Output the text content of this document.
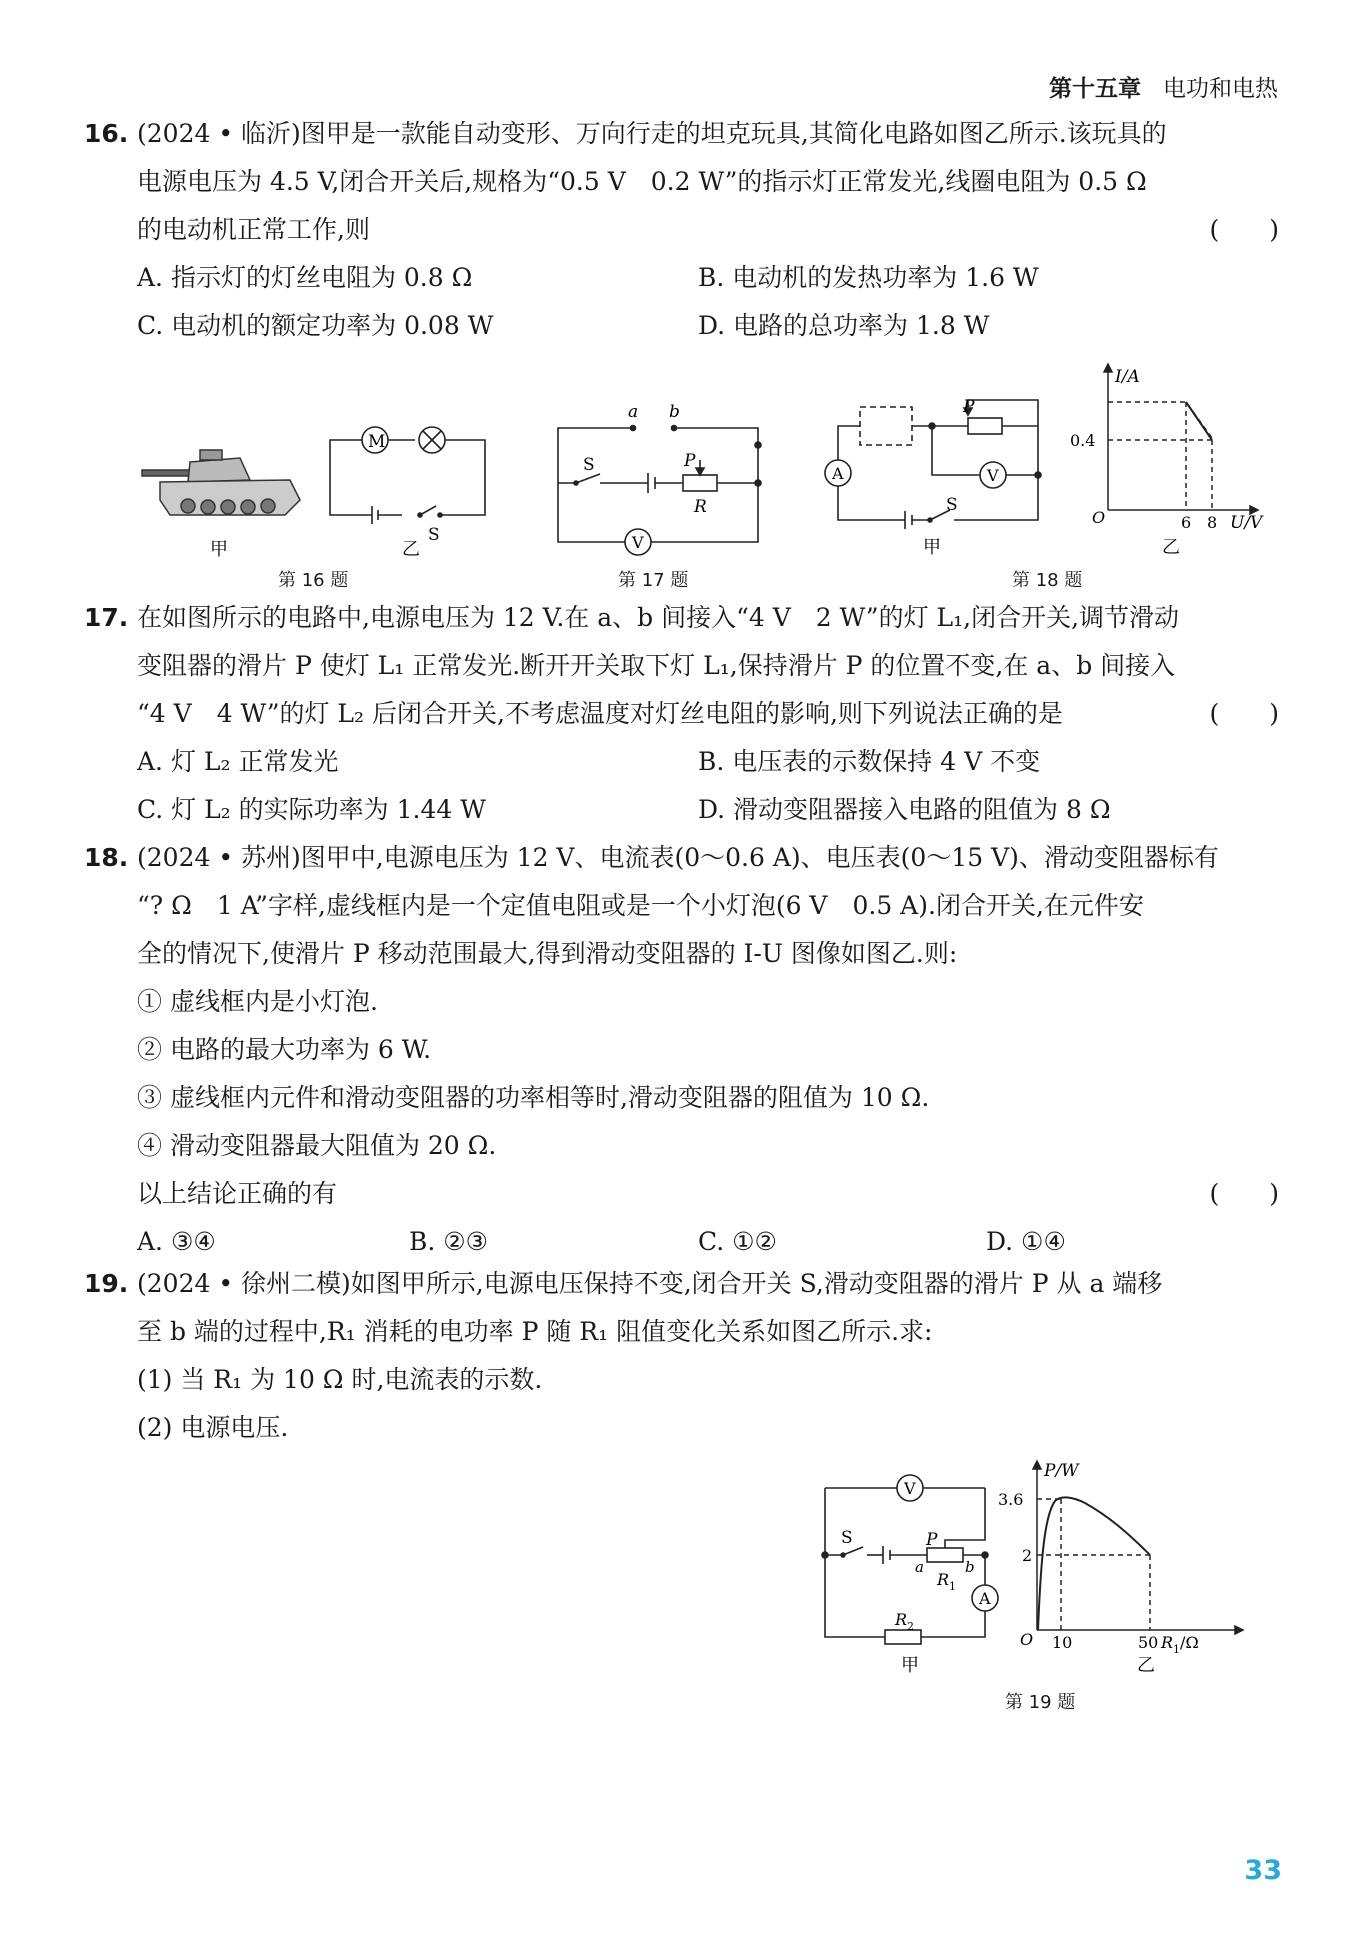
第十五章 电功和电热
16. (2024 • 临沂)图甲是一款能自动变形、万向行走的坦克玩具,其简化电路如图乙所示.该玩具的
电源电压为 4.5 V,闭合开关后,规格为“0.5 V　0.2 W”的指示灯正常发光,线圈电阻为 0.5 Ω
的电动机正常工作,则	(　　)
A. 指示灯的灯丝电阻为 0.8 Ω	B. 电动机的发热功率为 1.6 W
C. 电动机的额定功率为 0.08 W	D. 电路的总功率为 1.8 W
甲
M
S
乙
第 16 题
a b
S	P
R
V
第 17 题
P
S
A	V
甲
I/A
0.4
O	6 8 U/V
乙
第 18 题
17. 在如图所示的电路中,电源电压为 12 V.在 a、b 间接入“4 V　2 W”的灯 L₁,闭合开关,调节滑动
变阻器的滑片 P 使灯 L₁ 正常发光.断开开关取下灯 L₁,保持滑片 P 的位置不变,在 a、b 间接入
“4 V　4 W”的灯 L₂ 后闭合开关,不考虑温度对灯丝电阻的影响,则下列说法正确的是	(　　)
A. 灯 L₂ 正常发光	B. 电压表的示数保持 4 V 不变
C. 灯 L₂ 的实际功率为 1.44 W	D. 滑动变阻器接入电路的阻值为 8 Ω
18. (2024 • 苏州)图甲中,电源电压为 12 V、电流表(0～0.6 A)、电压表(0～15 V)、滑动变阻器标有
“? Ω　1 A”字样,虚线框内是一个定值电阻或是一个小灯泡(6 V　0.5 A).闭合开关,在元件安
全的情况下,使滑片 P 移动范围最大,得到滑动变阻器的 I-U 图像如图乙.则:
① 虚线框内是小灯泡.
② 电路的最大功率为 6 W.
③ 虚线框内元件和滑动变阻器的功率相等时,滑动变阻器的阻值为 10 Ω.
④ 滑动变阻器最大阻值为 20 Ω.
以上结论正确的有	(　　)
A. ③④	B. ②③	C. ①②	D. ①④
19. (2024 • 徐州二模)如图甲所示,电源电压保持不变,闭合开关 S,滑动变阻器的滑片 P 从 a 端移
至 b 端的过程中,R₁ 消耗的电功率 P 随 R₁ 阻值变化关系如图乙所示.求:
(1) 当 R₁ 为 10 Ω 时,电流表的示数.
(2) 电源电压.
V
A
S	P
a	b
$R_1$
$R_2$
甲
P/W
3.6
2
O 10	50 $R_1/\Omega$
乙
第 19 题
33
